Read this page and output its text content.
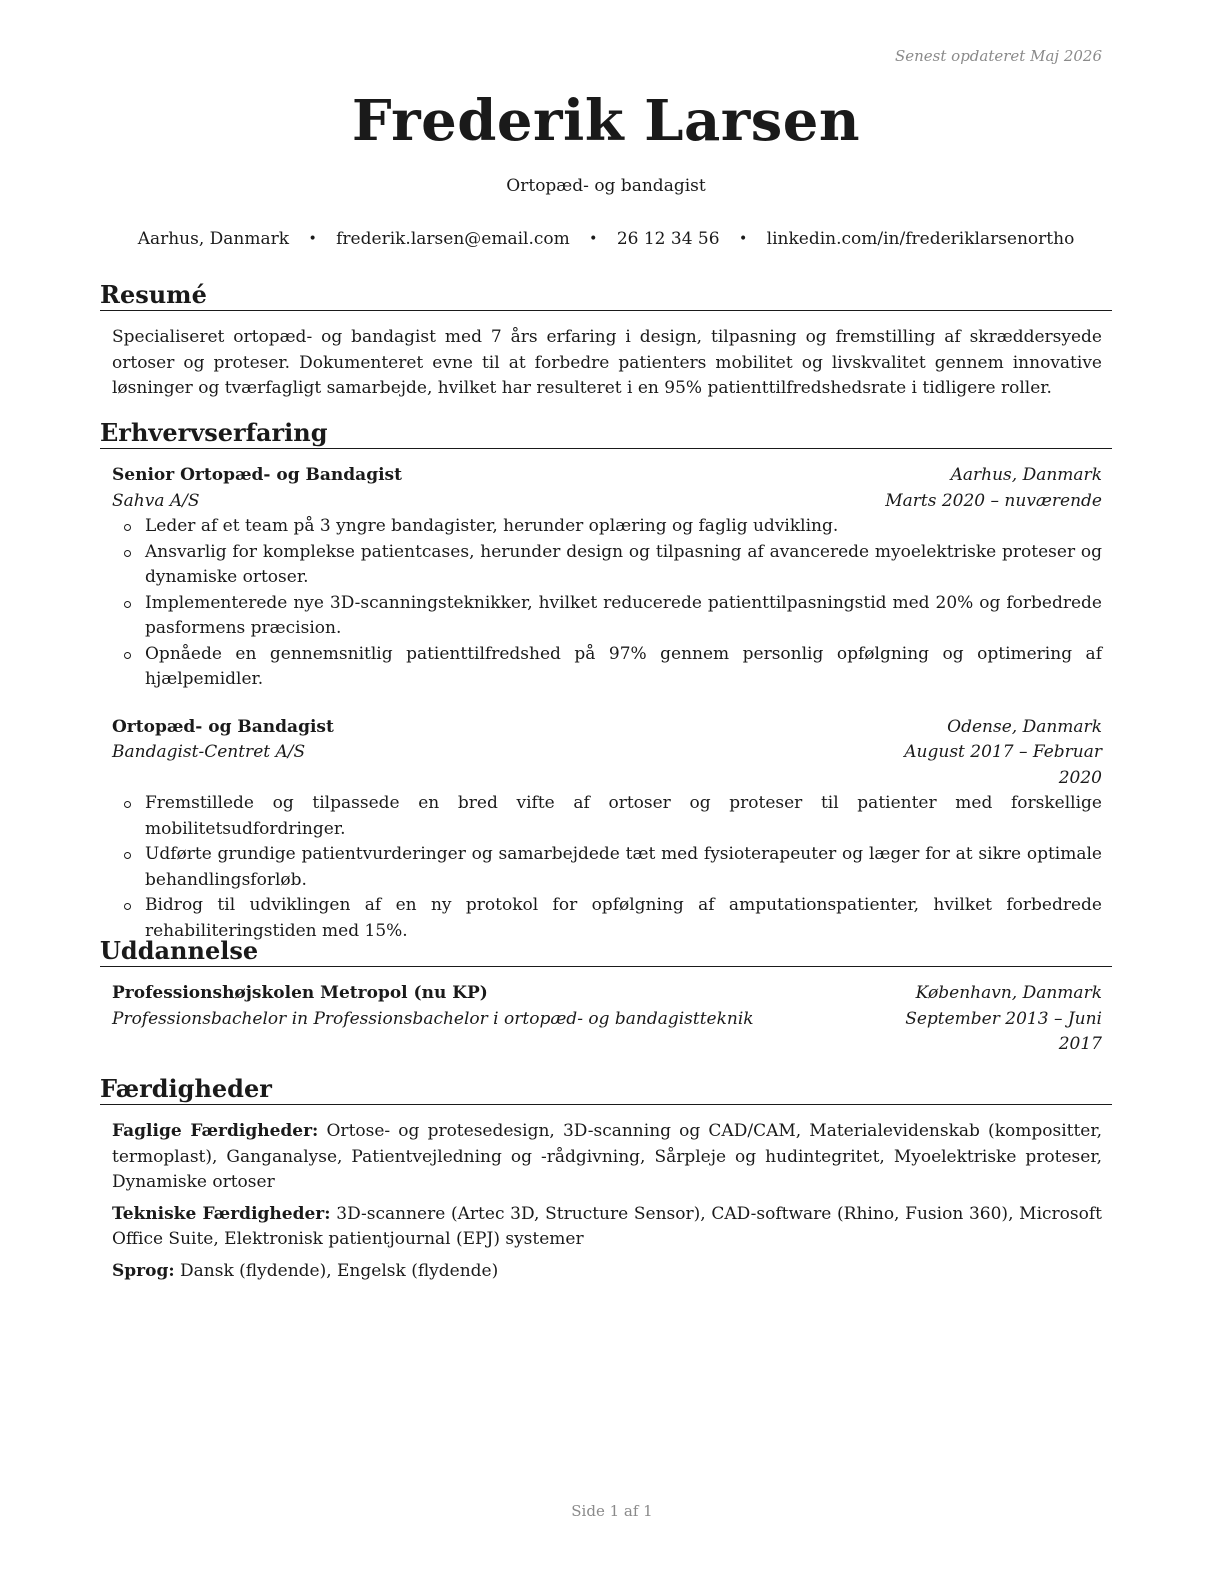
Senest opdateret Maj 2026
Frederik Larsen
Ortopæd- og bandagist
Aarhus, Danmark • frederik.larsen@email.com • 26 12 34 56 • linkedin.com/in/frederiklarsenortho
Resumé
Specialiseret ortopæd- og bandagist med 7 års erfaring i design, tilpasning og fremstilling af skræddersyede ortoser og proteser. Dokumenteret evne til at forbedre patienters mobilitet og livskvalitet gennem innovative løsninger og tværfagligt samarbejde, hvilket har resulteret i en 95% patienttilfredshedsrate i tidligere roller.
Erhvervserfaring
Senior Ortopæd- og Bandagist	Aarhus, Danmark
Sahva A/S	Marts 2020 – nuværende
Leder af et team på 3 yngre bandagister, herunder oplæring og faglig udvikling.
Ansvarlig for komplekse patientcases, herunder design og tilpasning af avancerede myoelektriske proteser og dynamiske ortoser.
Implementerede nye 3D-scanningsteknikker, hvilket reducerede patienttilpasningstid med 20% og forbedrede pasformens præcision.
Opnåede en gennemsnitlig patienttilfredshed på 97% gennem personlig opfølgning og optimering af hjælpemidler.
Ortopæd- og Bandagist	Odense, Danmark
Bandagist-Centret A/S	August 2017 – Februar
2020
Fremstillede og tilpassede en bred vifte af ortoser og proteser til patienter med forskellige mobilitetsudfordringer.
Udførte grundige patientvurderinger og samarbejdede tæt med fysioterapeuter og læger for at sikre optimale behandlingsforløb.
Bidrog til udviklingen af en ny protokol for opfølgning af amputationspatienter, hvilket forbedrede rehabiliteringstiden med 15%.
Uddannelse
Professionshøjskolen Metropol (nu KP)	København, Danmark
Professionsbachelor in Professionsbachelor i ortopæd- og bandagistteknik	September 2013 – Juni
2017
Færdigheder
Faglige Færdigheder: Ortose- og protesedesign, 3D-scanning og CAD/CAM, Materialevidenskab (kompositter, termoplast), Ganganalyse, Patientvejledning og -rådgivning, Sårpleje og hudintegritet, Myoelektriske proteser, Dynamiske ortoser
Tekniske Færdigheder: 3D-scannere (Artec 3D, Structure Sensor), CAD-software (Rhino, Fusion 360), Microsoft Office Suite, Elektronisk patientjournal (EPJ) systemer
Sprog: Dansk (flydende), Engelsk (flydende)
Side 1 af 1
